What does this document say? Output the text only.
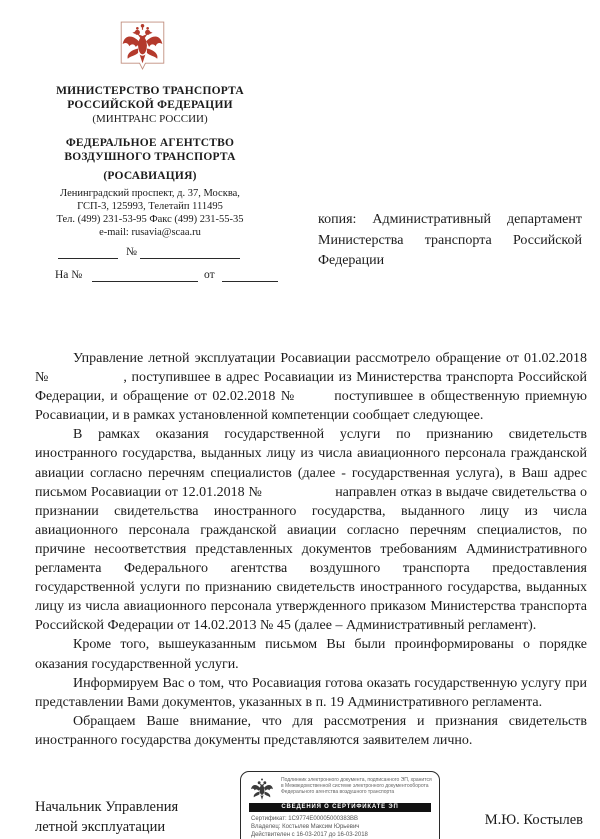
МИНИСТЕРСТВО ТРАНСПОРТА
РОССИЙСКОЙ ФЕДЕРАЦИИ
(МИНТРАНС РОССИИ)
ФЕДЕРАЛЬНОЕ АГЕНТСТВО
ВОЗДУШНОГО ТРАНСПОРТА
(РОСАВИАЦИЯ)
Ленинградский проспект, д. 37, Москва,
ГСП-3, 125993, Телетайп 111495
Тел. (499) 231-53-95 Факс (499) 231-55-35
e-mail: rusavia@scaa.ru
№
На №	от
копия: Административный департамент Министерства транспорта Российской Федерации

Управление летной эксплуатации Росавиации рассмотрело обращение от 01.02.2018 №                , поступившее в адрес Росавиации из Министерства транспорта Российской Федерации, и обращение от 02.02.2018 №       поступившее в общественную приемную Росавиации, и в рамках установленной компетенции сообщает следующее.

В рамках оказания государственной услуги по признанию свидетельств иностранного государства, выданных лицу из числа авиационного персонала гражданской авиации согласно перечням специалистов (далее - государственная услуга), в Ваш адрес письмом Росавиации от 12.01.2018 №                   направлен отказ в выдаче свидетельства о признании свидетельства иностранного государства, выданного лицу из числа авиационного персонала гражданской авиации согласно перечням специалистов, по причине несоответствия представленных документов требованиям Административного регламента Федерального агентства воздушного транспорта предоставления государственной услуги по признанию свидетельств иностранного государства, выданных лицу из числа авиационного персонала утвержденного приказом Министерства транспорта Российской Федерации от 14.02.2013 № 45 (далее – Административный регламент).

Кроме того, вышеуказанным письмом Вы были проинформированы о порядке оказания государственной услуги.

Информируем Вас о том, что Росавиация готова оказать государственную услугу при представлении Вами документов, указанных в п. 19 Административного регламента.

Обращаем Ваше внимание, что для рассмотрения и признания свидетельств иностранного государства документы представляются заявителем лично.

Начальник Управления
летной эксплуатации	М.Ю. Костылев
Подлинник электронного документа, подписанного ЭП, хранится в Межведомственной системе электронного документооборота Федерального агентства воздушного транспорта
СВЕДЕНИЯ О СЕРТИФИКАТЕ ЭП
Сертификат: 1C9774E00005000383BB
Владелец: Костылев Максим Юрьевич
Действителен с 16-03-2017 до 16-03-2018
